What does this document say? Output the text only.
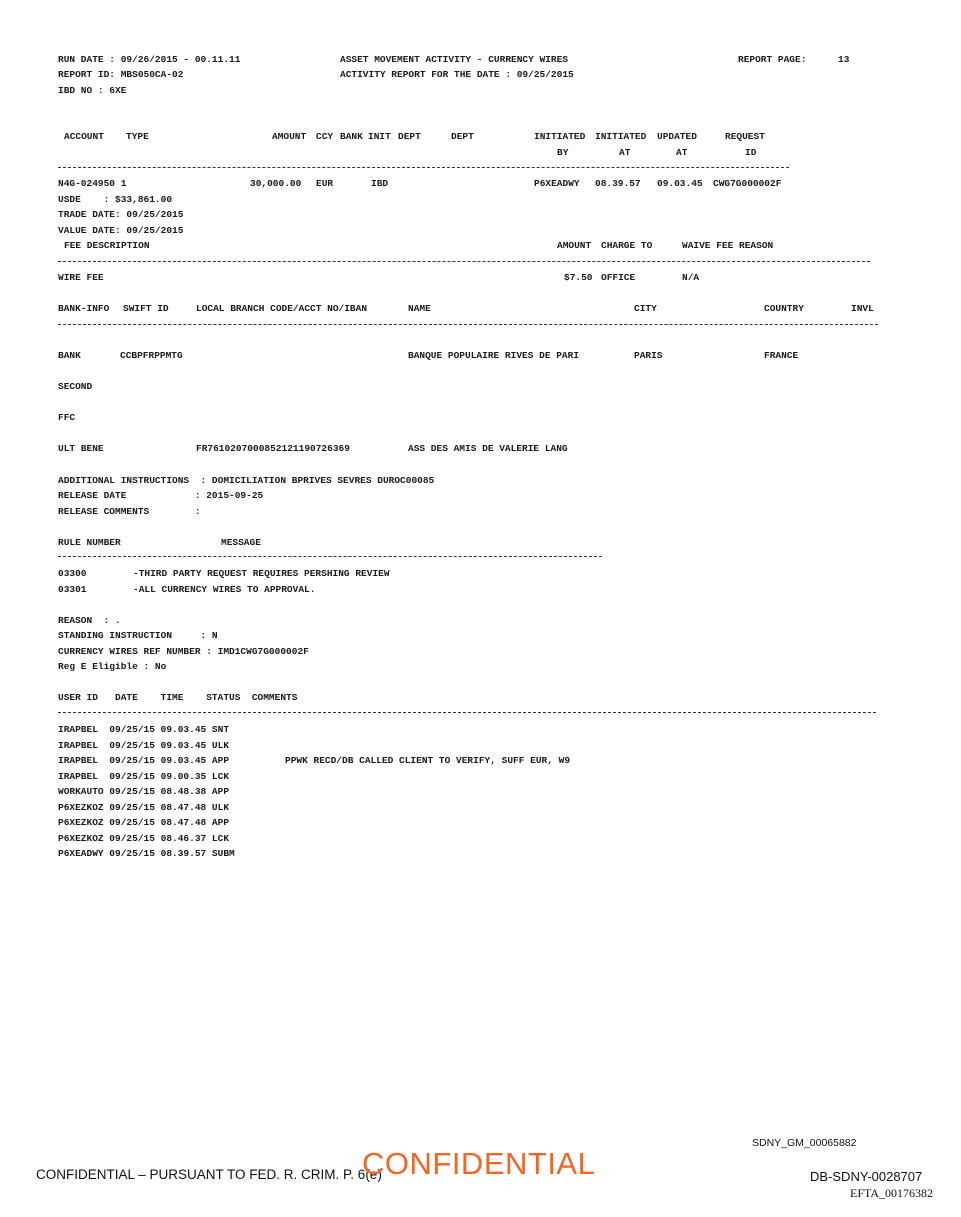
RUN DATE : 09/26/2015 - 00.11.11
REPORT ID: MBS050CA-02
IBD NO : 6XE
ASSET MOVEMENT ACTIVITY - CURRENCY WIRES
ACTIVITY REPORT FOR THE DATE : 09/25/2015
REPORT PAGE:	13
ACCOUNT TYPE	AMOUNT CCY BANK INIT DEPT	DEPT	INITIATED INITIATED UPDATED	REQUEST
BY	AT	AT	ID
N4G-024950 1	30,000.00 EUR	IBD	P6XEADWY 08.39.57 09.03.45 CWG7G000002F
USDE    : $33,861.00
TRADE DATE: 09/25/2015
VALUE DATE: 09/25/2015
FEE DESCRIPTION	AMOUNT CHARGE TO	WAIVE FEE REASON
WIRE FEE	$7.50 OFFICE	N/A
BANK-INFO SWIFT ID	LOCAL BRANCH CODE/ACCT NO/IBAN	NAME	CITY	COUNTRY	INVL
BANK	CCBPFRPPMTG	BANQUE POPULAIRE RIVES DE PARI	PARIS	FRANCE
SECOND
FFC
ULT BENE	FR7610207000852121190726369	ASS DES AMIS DE VALERIE LANG
ADDITIONAL INSTRUCTIONS  : DOMICILIATION BPRIVES SEVRES DUROC00085
RELEASE DATE            : 2015-09-25
RELEASE COMMENTS        :
RULE NUMBER	MESSAGE
03300	-THIRD PARTY REQUEST REQUIRES PERSHING REVIEW
03301	-ALL CURRENCY WIRES TO APPROVAL.
REASON  : .
STANDING INSTRUCTION     : N
CURRENCY WIRES REF NUMBER : IMD1CWG7G000002F
Reg E Eligible : No
USER ID   DATE    TIME    STATUS  COMMENTS
IRAPBEL  09/25/15 09.03.45 SNT
IRAPBEL  09/25/15 09.03.45 ULK
IRAPBEL  09/25/15 09.03.45 APP	PPWK RECD/DB CALLED CLIENT TO VERIFY, SUFF EUR, W9
IRAPBEL  09/25/15 09.00.35 LCK
WORKAUTO 09/25/15 08.48.38 APP
P6XEZKOZ 09/25/15 08.47.48 ULK
P6XEZKOZ 09/25/15 08.47.48 APP
P6XEZKOZ 09/25/15 08.46.37 LCK
P6XEADWY 09/25/15 08.39.57 SUBM
SDNY_GM_00065882
CONFIDENTIAL – PURSUANT TO FED. R. CRIM. P. 6(e)
CONFIDENTIAL	DB-SDNY-0028707
EFTA_00176382
